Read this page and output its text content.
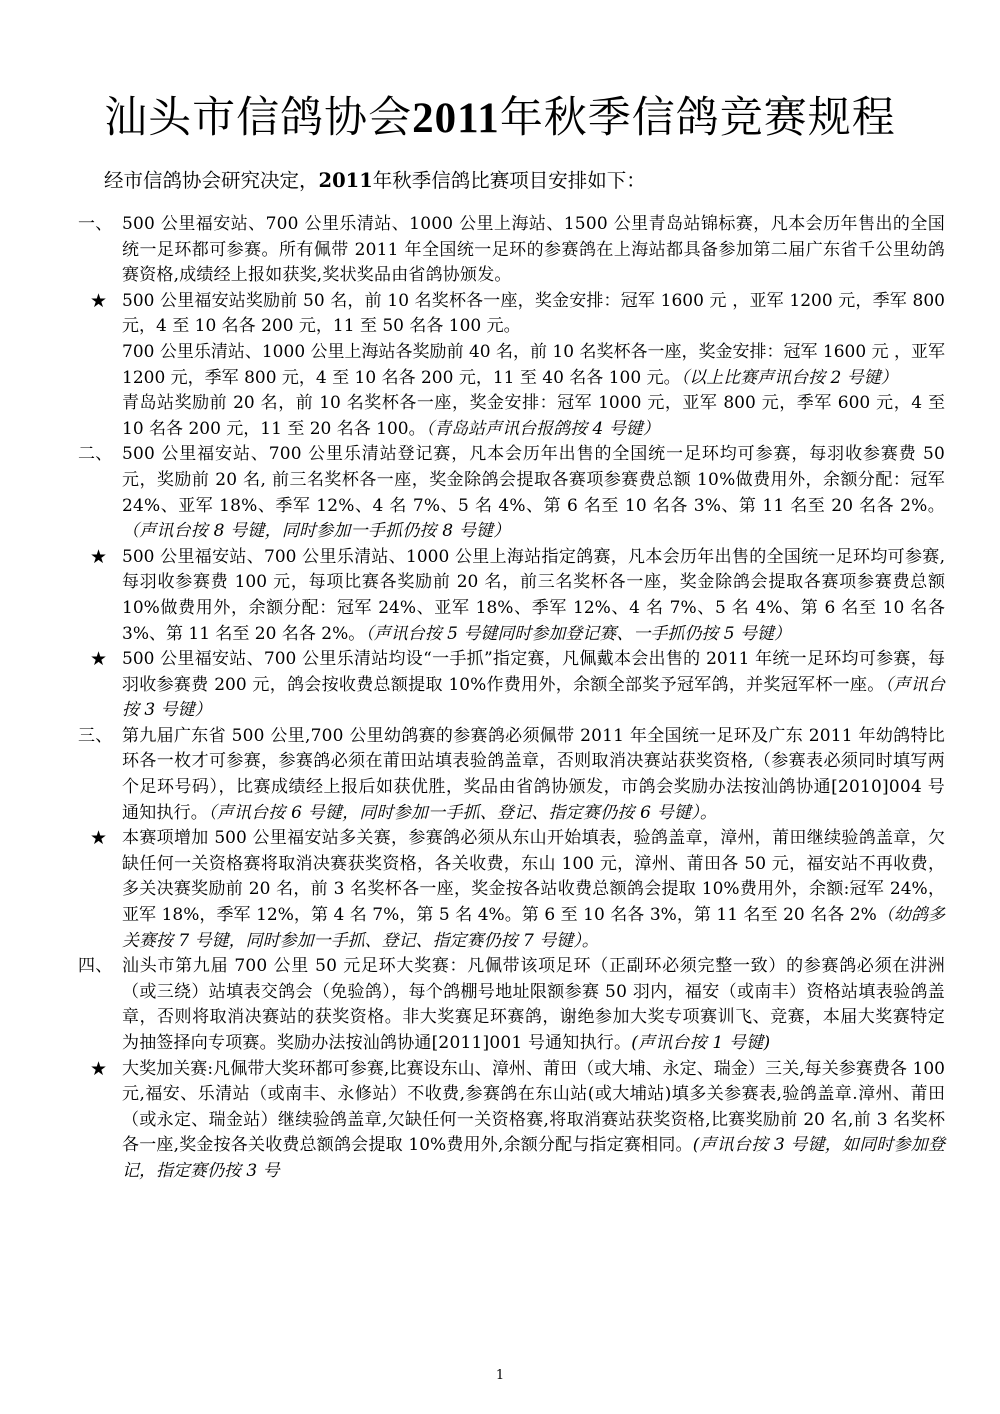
汕头市信鸽协会2011年秋季信鸽竞赛规程
经市信鸽协会研究决定，2011年秋季信鸽比赛项目安排如下：

一、 500 公里福安站、700 公里乐清站、1000 公里上海站、1500 公里青岛站锦标赛，凡本会历年售出的全国统一足环都可参赛。所有佩带 2011 年全国统一足环的参赛鸽在上海站都具备参加第二届广东省千公里幼鸽赛资格,成绩经上报如获奖,奖状奖品由省鸽协颁发。

★ 500 公里福安站奖励前 50 名，前 10 名奖杯各一座，奖金安排：冠军 1600 元 ，亚军 1200 元，季军 800 元，4 至 10 名各 200 元，11 至 50 名各 100 元。

700 公里乐清站、1000 公里上海站各奖励前 40 名，前 10 名奖杯各一座，奖金安排：冠军 1600 元 ，亚军 1200 元，季军 800 元，4 至 10 名各 200 元，11 至 40 名各 100 元。（以上比赛声讯台按 2 号键）

青岛站奖励前 20 名，前 10 名奖杯各一座，奖金安排：冠军 1000 元，亚军 800 元，季军 600 元，4 至 10 名各 200 元，11 至 20 名各 100。（青岛站声讯台报鸽按 4 号键）

二、 500 公里福安站、700 公里乐清站登记赛，凡本会历年出售的全国统一足环均可参赛，每羽收参赛费 50 元，奖励前 20 名, 前三名奖杯各一座，奖金除鸽会提取各赛项参赛费总额 10%做费用外，余额分配：冠军 24%、亚军 18%、季军 12%、4 名 7%、5 名 4%、第 6 名至 10 名各 3%、第 11 名至 20 名各 2%。（声讯台按 8 号键，同时参加一手抓仍按 8 号键）

★ 500 公里福安站、700 公里乐清站、1000 公里上海站指定鸽赛，凡本会历年出售的全国统一足环均可参赛,每羽收参赛费 100 元，每项比赛各奖励前 20 名，前三名奖杯各一座，奖金除鸽会提取各赛项参赛费总额 10%做费用外，余额分配：冠军 24%、亚军 18%、季军 12%、4 名 7%、5 名 4%、第 6 名至 10 名各 3%、第 11 名至 20 名各 2%。（声讯台按 5 号键同时参加登记赛、一手抓仍按 5 号键）

★ 500 公里福安站、700 公里乐清站均设“一手抓”指定赛，凡佩戴本会出售的 2011 年统一足环均可参赛，每羽收参赛费 200 元，鸽会按收费总额提取 10%作费用外，余额全部奖予冠军鸽，并奖冠军杯一座。（声讯台按 3 号键）

三、 第九届广东省 500 公里,700 公里幼鸽赛的参赛鸽必须佩带 2011 年全国统一足环及广东 2011 年幼鸽特比环各一枚才可参赛，参赛鸽必须在莆田站填表验鸽盖章，否则取消决赛站获奖资格,（参赛表必须同时填写两个足环号码），比赛成绩经上报后如获优胜，奖品由省鸽协颁发，市鸽会奖励办法按汕鸽协通[2010]004 号通知执行。（声讯台按 6 号键，同时参加一手抓、登记、指定赛仍按 6 号键）。

★ 本赛项增加 500 公里福安站多关赛，参赛鸽必须从东山开始填表，验鸽盖章，漳州，莆田继续验鸽盖章，欠缺任何一关资格赛将取消决赛获奖资格，各关收费，东山 100 元，漳州、莆田各 50 元，福安站不再收费，多关决赛奖励前 20 名，前 3 名奖杯各一座，奖金按各站收费总额鸽会提取 10%费用外，余额:冠军 24%，亚军 18%，季军 12%，第 4 名 7%，第 5 名 4%。第 6 至 10 名各 3%，第 11 名至 20 名各 2%（幼鸽多关赛按 7 号键，同时参加一手抓、登记、指定赛仍按 7 号键）。

四、 汕头市第九届 700 公里 50 元足环大奖赛：凡佩带该项足环（正副环必须完整一致）的参赛鸽必须在汫洲（或三绕）站填表交鸽会（免验鸽），每个鸽棚号地址限额参赛 50 羽内，福安（或南丰）资格站填表验鸽盖章，否则将取消决赛站的获奖资格。非大奖赛足环赛鸽，谢绝参加大奖专项赛训飞、竞赛，本届大奖赛特定为抽签择向专项赛。奖励办法按汕鸽协通[2011]001 号通知执行。(声讯台按 1 号键)

★ 大奖加关赛:凡佩带大奖环都可参赛,比赛设东山、漳州、莆田（或大埔、永定、瑞金）三关,每关参赛费各 100 元,福安、乐清站（或南丰、永修站）不收费,参赛鸽在东山站(或大埔站)填多关参赛表,验鸽盖章.漳州、莆田（或永定、瑞金站）继续验鸽盖章,欠缺任何一关资格赛,将取消赛站获奖资格,比赛奖励前 20 名,前 3 名奖杯各一座,奖金按各关收费总额鸽会提取 10%费用外,余额分配与指定赛相同。(声讯台按 3 号键，如同时参加登记，指定赛仍按 3 号

1
